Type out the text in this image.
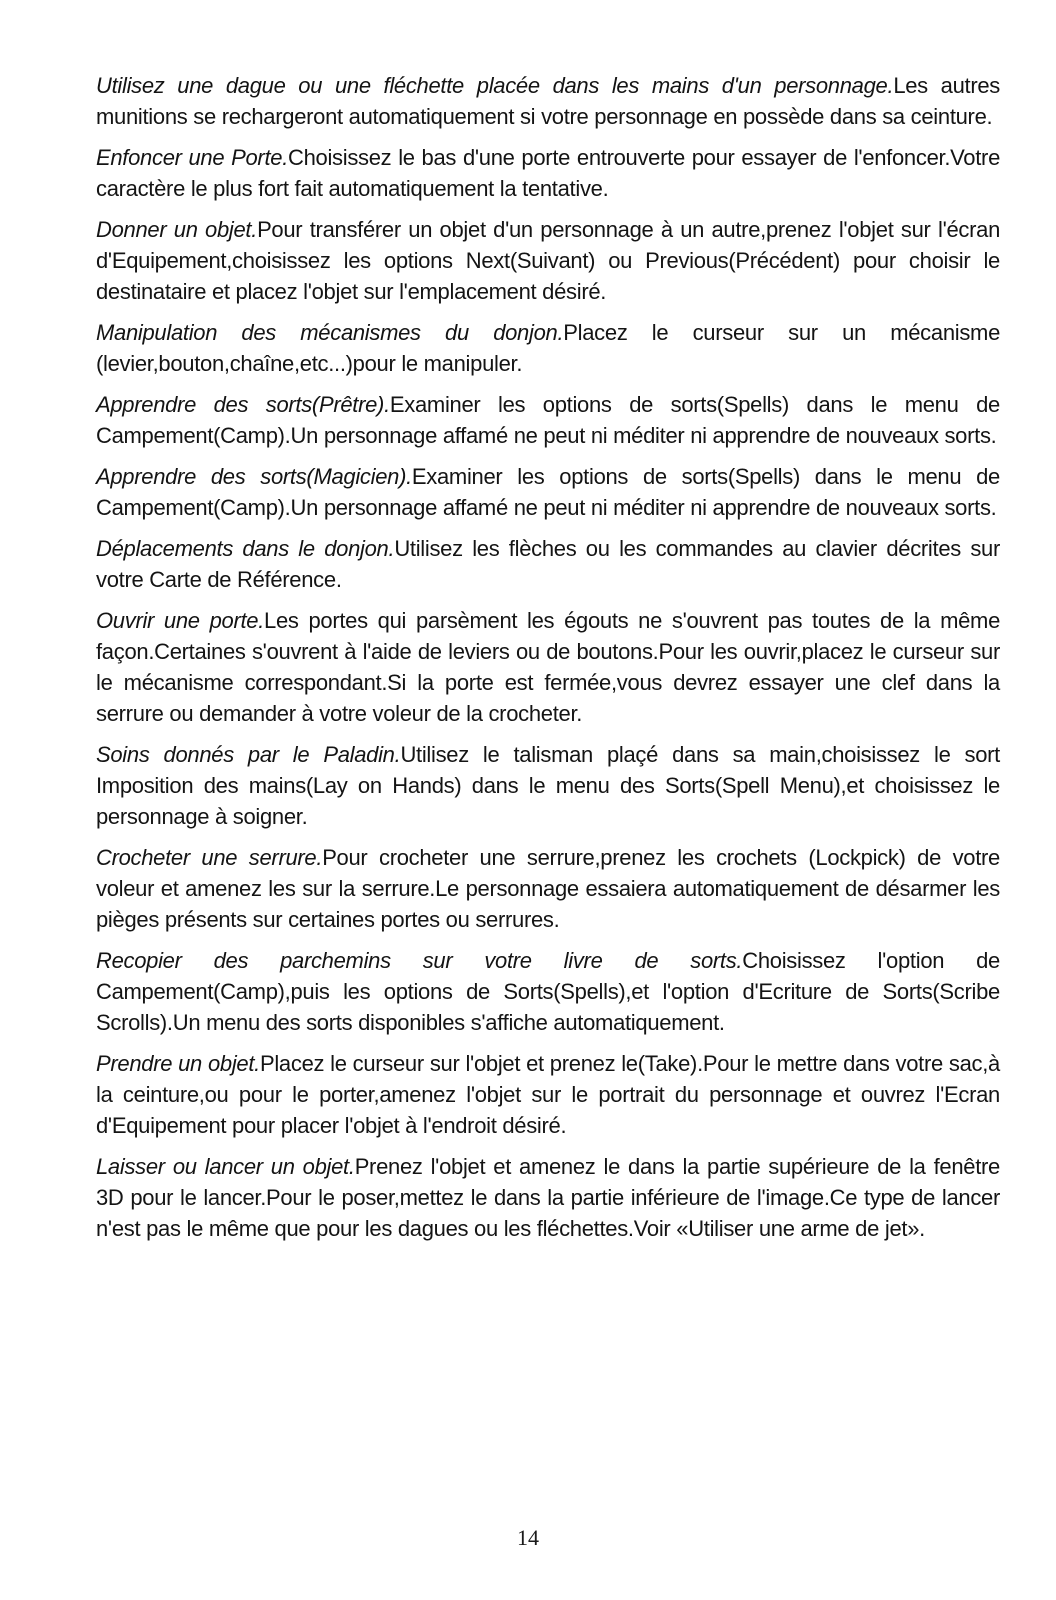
Utilisez une dague ou une fléchette placée dans les mains d'un personnage.Les autres munitions se rechargeront automatiquement si votre personnage en possède dans sa ceinture.

Enfoncer une Porte.Choisissez le bas d'une porte entrouverte pour essayer de l'enfoncer.Votre caractère le plus fort fait automatiquement la tentative.

Donner un objet.Pour transférer un objet d'un personnage à un autre,prenez l'objet sur l'écran d'Equipement,choisissez les options Next(Suivant) ou Previous(Précédent) pour choisir le destinataire et placez l'objet sur l'emplacement désiré.

Manipulation des mécanismes du donjon.Placez le curseur sur un mécanisme (levier,bouton,chaîne,etc...)pour le manipuler.

Apprendre des sorts(Prêtre).Examiner les options de sorts(Spells) dans le menu de Campement(Camp).Un personnage affamé ne peut ni méditer ni apprendre de nouveaux sorts.

Apprendre des sorts(Magicien).Examiner les options de sorts(Spells) dans le menu de Campement(Camp).Un personnage affamé ne peut ni méditer ni apprendre de nouveaux sorts.

Déplacements dans le donjon.Utilisez les flèches ou les commandes au clavier décrites sur votre Carte de Référence.

Ouvrir une porte.Les portes qui parsèment les égouts ne s'ouvrent pas toutes de la même façon.Certaines s'ouvrent à l'aide de leviers ou de boutons.Pour les ouvrir,placez le curseur sur le mécanisme correspondant.Si la porte est fermée,vous devrez essayer une clef dans la serrure ou demander à votre voleur de la crocheter.

Soins donnés par le Paladin.Utilisez le talisman plaçé dans sa main,choisissez le sort Imposition des mains(Lay on Hands) dans le menu des Sorts(Spell Menu),et choisissez le personnage à soigner.

Crocheter une serrure.Pour crocheter une serrure,prenez les crochets (Lockpick) de votre voleur et amenez les sur la serrure.Le personnage essaiera automatiquement de désarmer les pièges présents sur certaines portes ou serrures.

Recopier des parchemins sur votre livre de sorts.Choisissez l'option de Campement(Camp),puis les options de Sorts(Spells),et l'option d'Ecriture de Sorts(Scribe Scrolls).Un menu des sorts disponibles s'affiche automatiquement.

Prendre un objet.Placez le curseur sur l'objet et prenez le(Take).Pour le mettre dans votre sac,à la ceinture,ou pour le porter,amenez l'objet sur le portrait du personnage et ouvrez l'Ecran d'Equipement pour placer l'objet à l'endroit désiré.

Laisser ou lancer un objet.Prenez l'objet et amenez le dans la partie supérieure de la fenêtre 3D pour le lancer.Pour le poser,mettez le dans la partie inférieure de l'image.Ce type de lancer n'est pas le même que pour les dagues ou les fléchettes.Voir «Utiliser une arme de jet».

14
